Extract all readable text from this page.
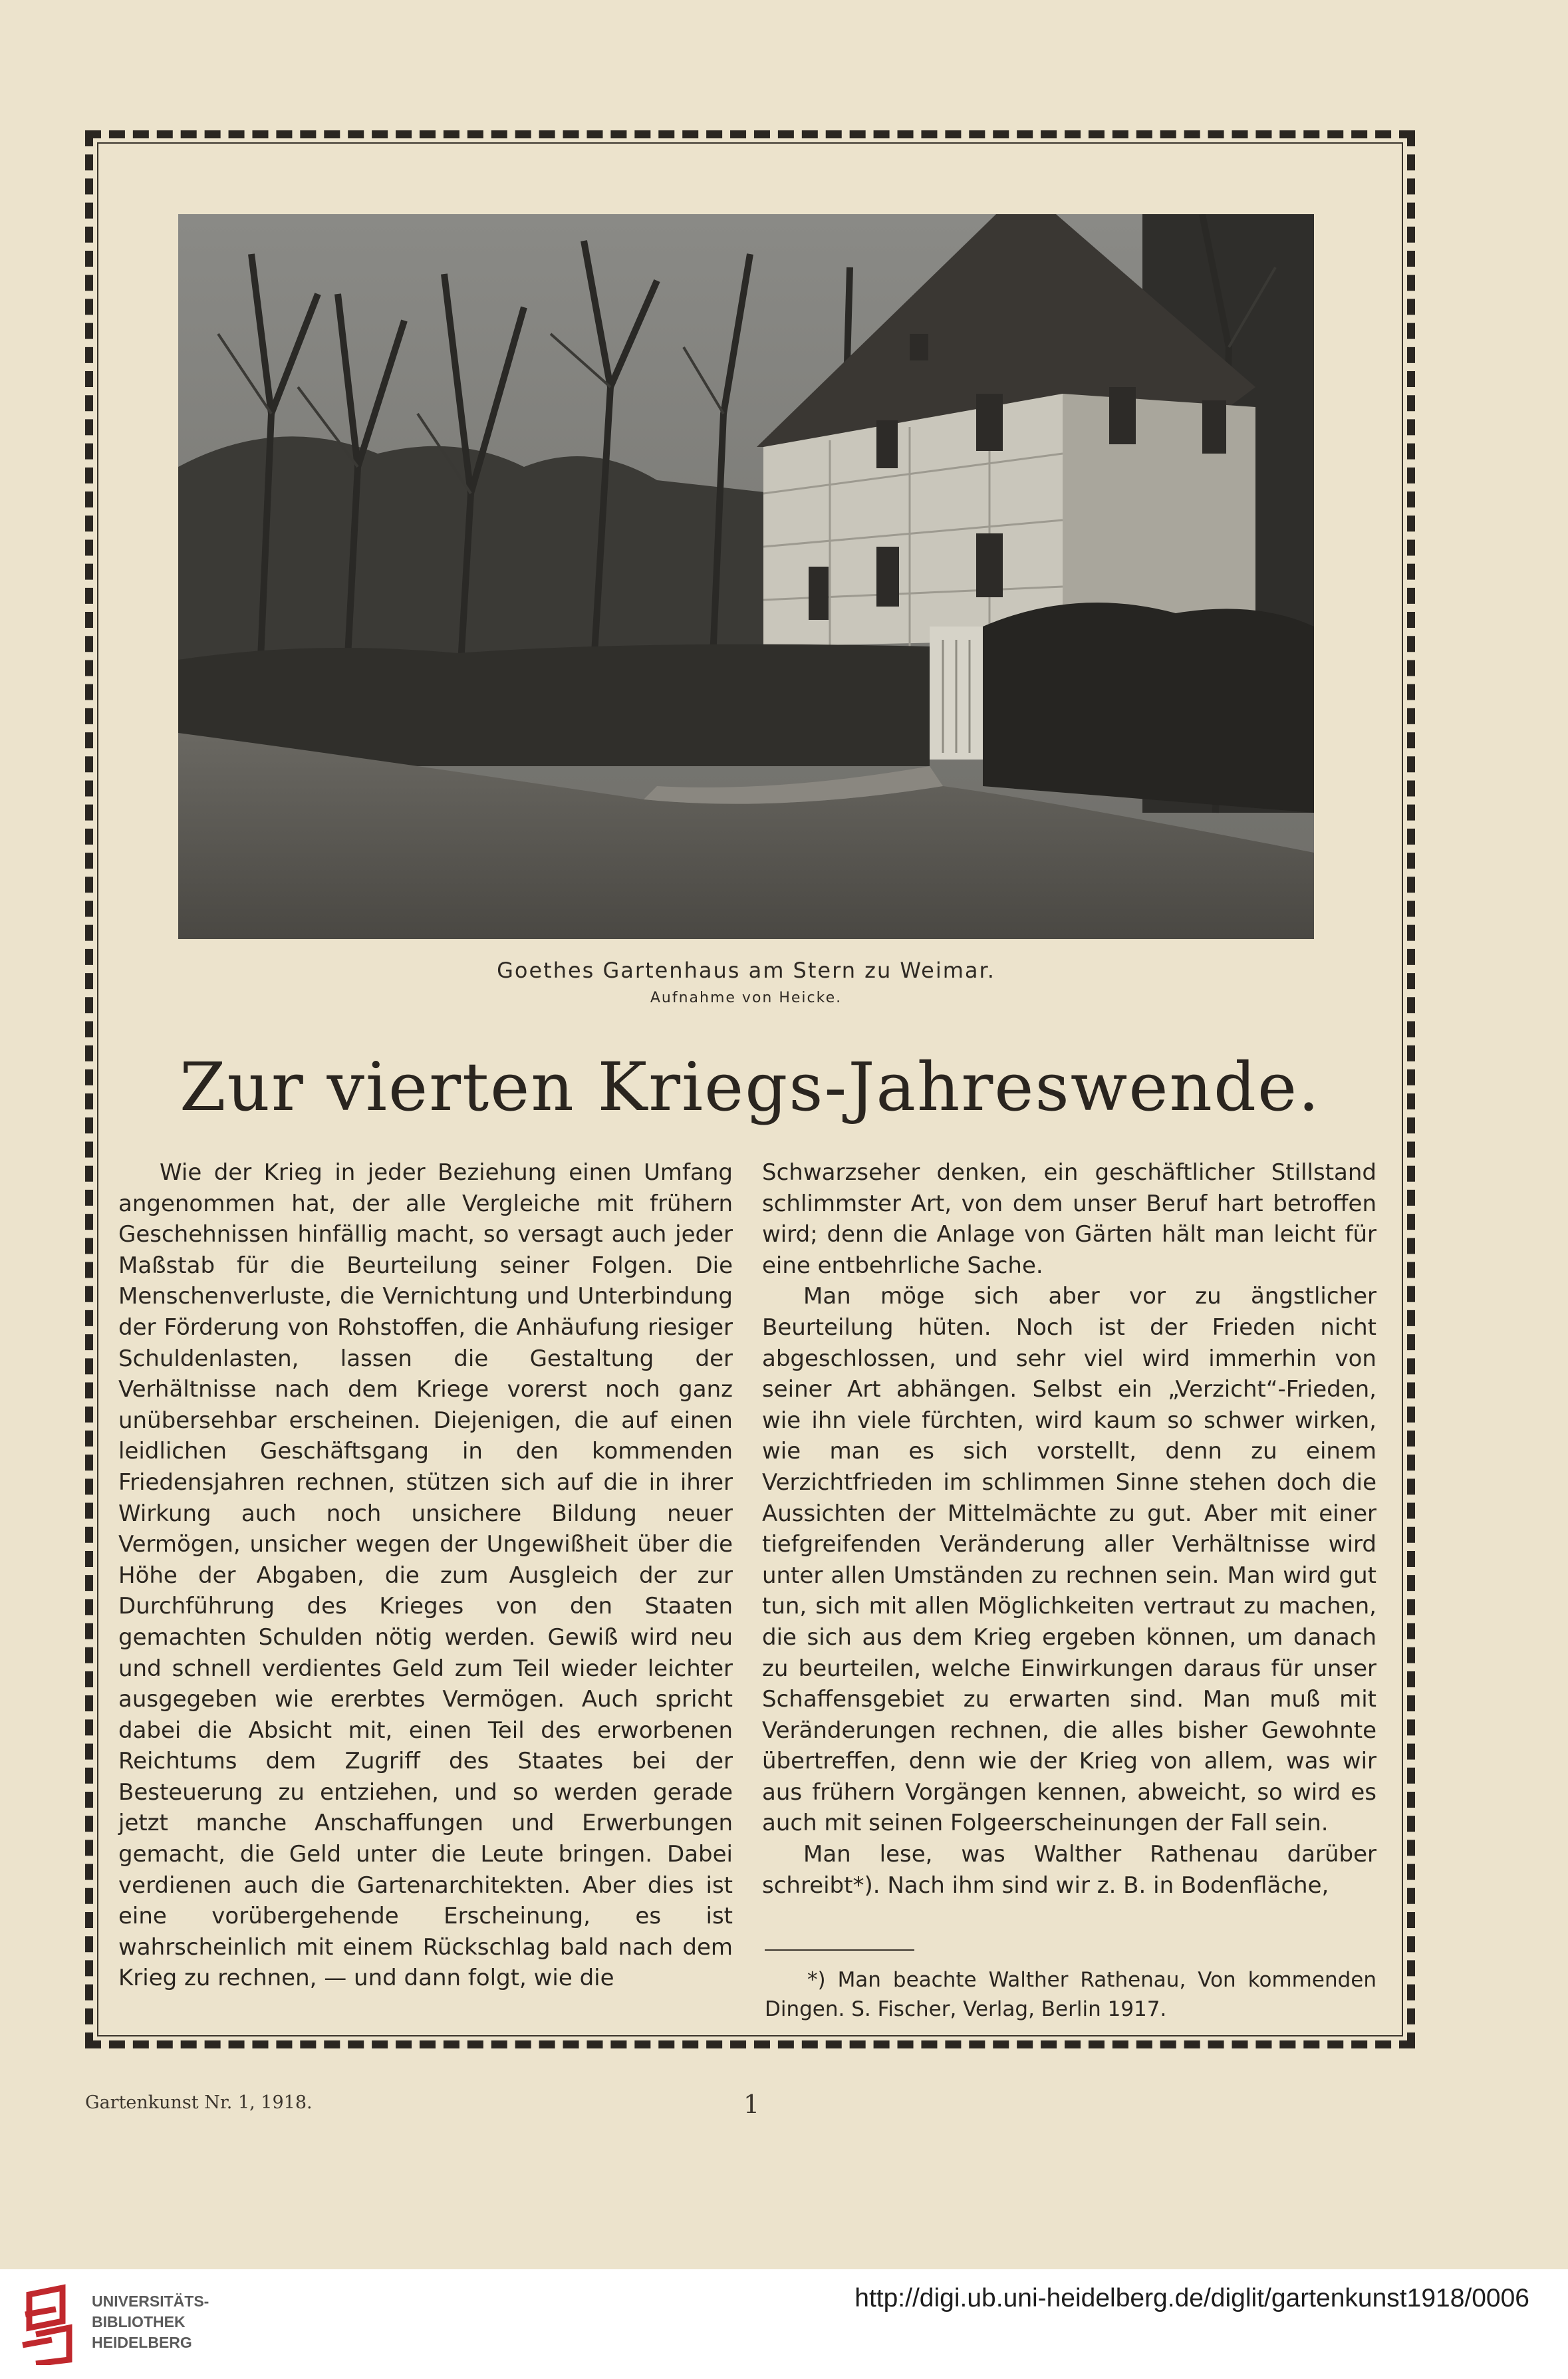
Goethes Gartenhaus am Stern zu Weimar.
Aufnahme von Heicke.
Zur vierten Kriegs-Jahreswende.

Wie der Krieg in jeder Beziehung einen Umfang angenommen hat, der alle Vergleiche mit frühern Geschehnissen hinfällig macht, so versagt auch jeder Maßstab für die Beurteilung seiner Folgen. Die Menschenverluste, die Vernichtung und Unterbindung der Förderung von Rohstoffen, die Anhäufung riesiger Schuldenlasten, lassen die Gestaltung der Verhältnisse nach dem Kriege vorerst noch ganz unübersehbar erscheinen. Diejenigen, die auf einen leidlichen Geschäftsgang in den kommenden Friedensjahren rechnen, stützen sich auf die in ihrer Wirkung auch noch unsichere Bildung neuer Vermögen, unsicher wegen der Ungewißheit über die Höhe der Abgaben, die zum Ausgleich der zur Durchführung des Krieges von den Staaten gemachten Schulden nötig werden. Gewiß wird neu und schnell verdientes Geld zum Teil wieder leichter ausgegeben wie ererbtes Vermögen. Auch spricht dabei die Absicht mit, einen Teil des erworbenen Reichtums dem Zugriff des Staates bei der Besteuerung zu entziehen, und so werden gerade jetzt manche Anschaffungen und Erwerbungen gemacht, die Geld unter die Leute bringen. Dabei verdienen auch die Gartenarchitekten. Aber dies ist eine vorübergehende Erscheinung, es ist wahrscheinlich mit einem Rückschlag bald nach dem Krieg zu rechnen, — und dann folgt, wie die

Schwarzseher denken, ein geschäftlicher Stillstand schlimmster Art, von dem unser Beruf hart betroffen wird; denn die Anlage von Gärten hält man leicht für eine entbehrliche Sache.

Man möge sich aber vor zu ängstlicher Beurteilung hüten. Noch ist der Frieden nicht abgeschlossen, und sehr viel wird immerhin von seiner Art abhängen. Selbst ein „Verzicht“-Frieden, wie ihn viele fürchten, wird kaum so schwer wirken, wie man es sich vorstellt, denn zu einem Verzichtfrieden im schlimmen Sinne stehen doch die Aussichten der Mittelmächte zu gut. Aber mit einer tiefgreifenden Veränderung aller Verhältnisse wird unter allen Umständen zu rechnen sein. Man wird gut tun, sich mit allen Möglichkeiten vertraut zu machen, die sich aus dem Krieg ergeben können, um danach zu beurteilen, welche Einwirkungen daraus für unser Schaffensgebiet zu erwarten sind. Man muß mit Veränderungen rechnen, die alles bisher Gewohnte übertreffen, denn wie der Krieg von allem, was wir aus frühern Vorgängen kennen, abweicht, so wird es auch mit seinen Folgeerscheinungen der Fall sein.

Man lese, was Walther Rathenau darüber schreibt*). Nach ihm sind wir z. B. in Bodenfläche,

*) Man beachte Walther Rathenau, Von kommenden Dingen. S. Fischer, Verlag, Berlin 1917.
Gartenkunst Nr. 1, 1918.	1
UNIVERSITÄTS-
BIBLIOTHEK
HEIDELBERG
http://digi.ub.uni-heidelberg.de/diglit/gartenkunst1918/0006
